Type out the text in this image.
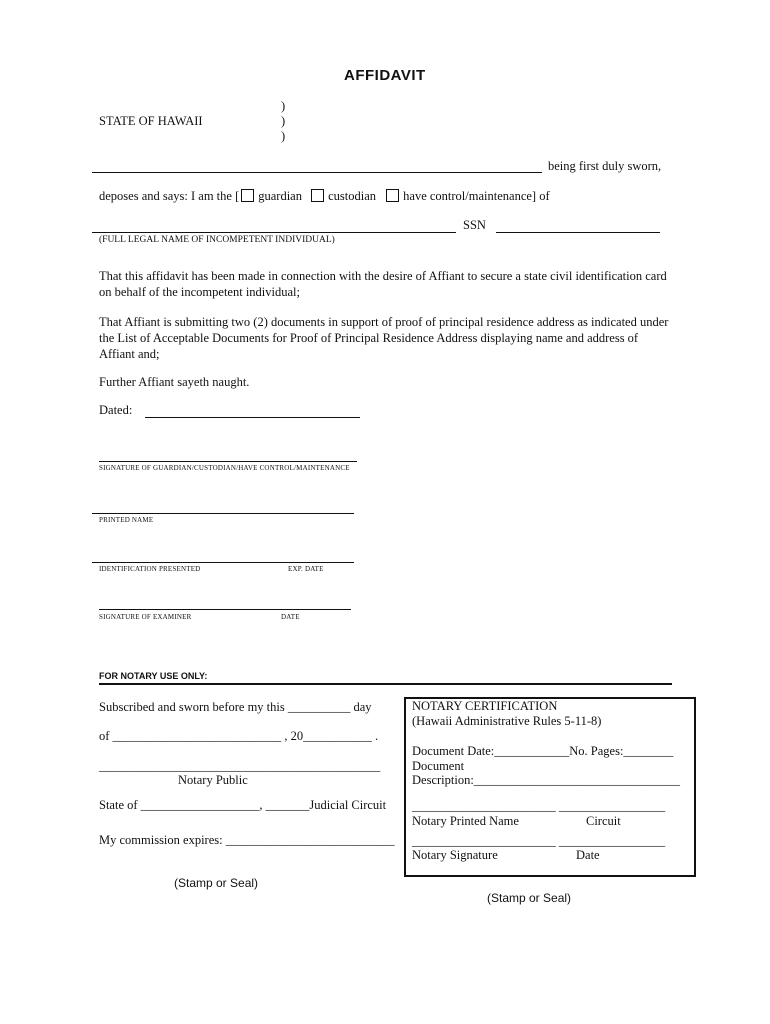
AFFIDAVIT
)
)
)
STATE OF HAWAII
being first duly sworn,
deposes and says: I am the [ guardian custodian have control/maintenance] of
SSN
(FULL LEGAL NAME OF INCOMPETENT INDIVIDUAL)
That this affidavit has been made in connection with the desire of Affiant to secure a state civil identification card on behalf of the incompetent individual;
That Affiant is submitting two (2) documents in support of proof of principal residence address as indicated under the List of Acceptable Documents for Proof of Principal Residence Address displaying name and address of Affiant and;
Further Affiant sayeth naught.
Dated:
SIGNATURE OF GUARDIAN/CUSTODIAN/HAVE CONTROL/MAINTENANCE
PRINTED NAME
IDENTIFICATION PRESENTED	EXP. DATE
SIGNATURE OF EXAMINER	DATE
FOR NOTARY USE ONLY:
Subscribed and sworn before my this __________ day
of ___________________________ , 20___________ .
_____________________________________________
Notary Public
State of ___________________, _______Judicial Circuit
My commission expires: ___________________________
(Stamp or Seal)
NOTARY CERTIFICATION
(Hawaii Administrative Rules 5-11-8)
Document Date:____________No. Pages:________
Document
Description:_________________________________
_______________________ _________________
Notary Printed Name	Circuit
_______________________ _________________
Notary Signature	Date
(Stamp or Seal)
